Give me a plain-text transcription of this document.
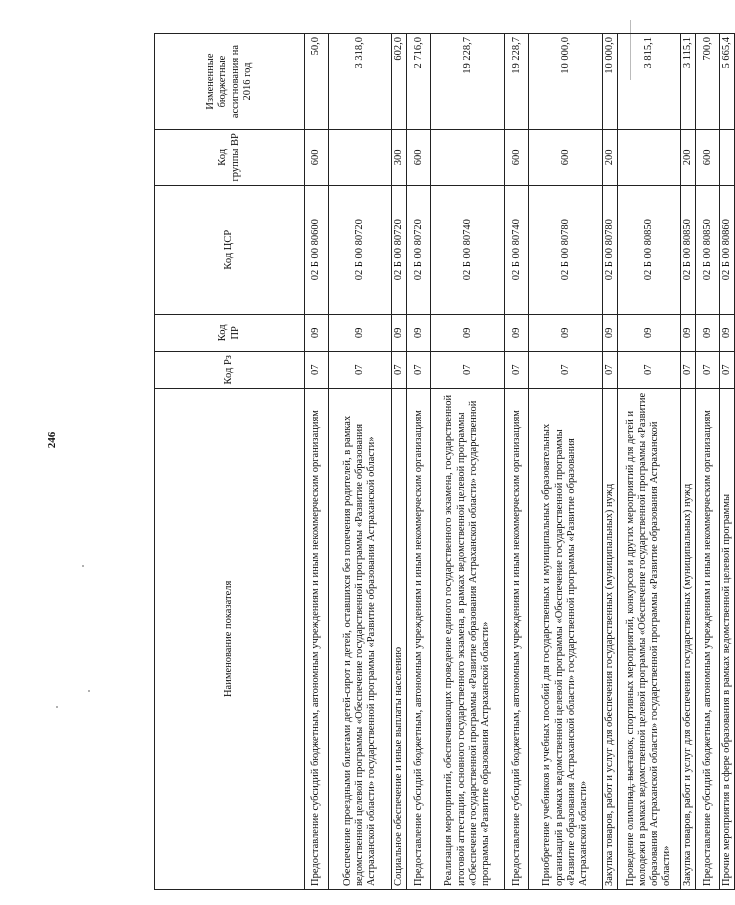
246
Наименование показателя	Код Рз	Код ПР	Код ЦСР	Код группы ВР	Измененные бюджетные ассигнования на 2016 год
Предоставление субсидий бюджетным, автономным учреждениям и иным некоммерческим организациям	07	09	02 Б 00 80600	600	50,0
Обеспечение проездными билетами детей-сирот и детей, оставшихся без попечения родителей, в рамках ведомственной целевой программы «Обеспечение государственной программы «Развитие образования Астраханской области» государственной программы «Развитие образования Астраханской области»	07	09	02 Б 00 80720		3 318,0
Социальное обеспечение и иные выплаты населению	07	09	02 Б 00 80720	300	602,0
Предоставление субсидий бюджетным, автономным учреждениям и иным некоммерческим организациям	07	09	02 Б 00 80720	600	2 716,0
Реализация мероприятий, обеспечивающих проведение единого государственного экзамена, государственной итоговой аттестации, основного государственного экзамена, в рамках ведомственной целевой программы «Обеспечение государственной программы «Развитие образования Астраханской области» государственной программы «Развитие образования Астраханской области»	07	09	02 Б 00 80740		19 228,7
Предоставление субсидий бюджетным, автономным учреждениям и иным некоммерческим организациям	07	09	02 Б 00 80740	600	19 228,7
Приобретение учебников и учебных пособий для государственных и муниципальных образовательных организаций в рамках ведомственной целевой программы «Обеспечение государственной программы «Развитие образования Астраханской области» государственной программы «Развитие образования Астраханской области»	07	09	02 Б 00 80780	600	10 000,0
Закупка товаров, работ и услуг для обеспечения государственных (муниципальных) нужд	07	09	02 Б 00 80780	200	10 000,0
Проведение олимпиад, выставок, спортивных мероприятий, конкурсов и других мероприятий для детей и молодежи в рамках ведомственной целевой программы «Обеспечение государственной программы «Развитие образования Астраханской области» государственной программы «Развитие образования Астраханской области»	07	09	02 Б 00 80850		3 815,1
Закупка товаров, работ и услуг для обеспечения государственных (муниципальных) нужд	07	09	02 Б 00 80850	200	3 115,1
Предоставление субсидий бюджетным, автономным учреждениям и иным некоммерческим организациям	07	09	02 Б 00 80850	600	700,0
Прочие мероприятия в сфере образования в рамках ведомственной целевой программы	07	09	02 Б 00 80860		5 665,4
